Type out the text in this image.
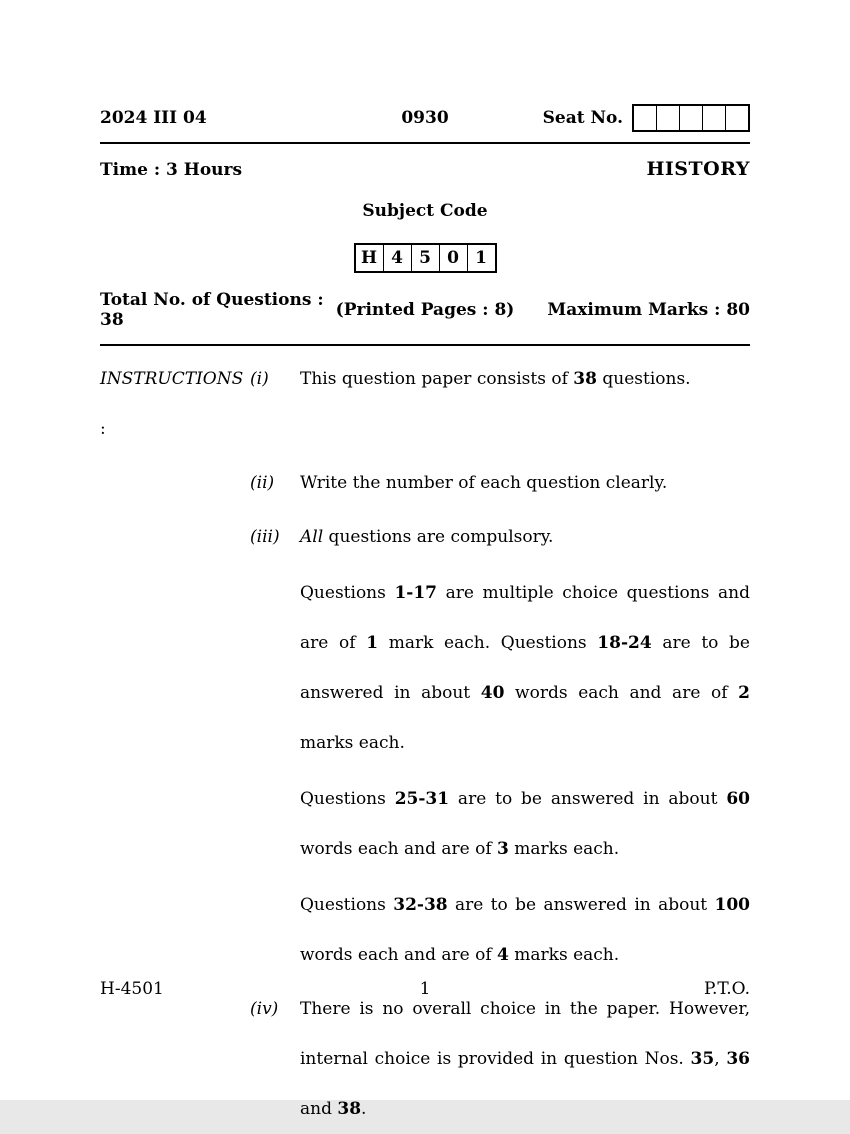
2024 III 04	0930	Seat No.
Time : 3 Hours	HISTORY
Subject Code
H 4 5 0 1
Total No. of Questions : 38	(Printed Pages : 8) Maximum Marks : 80
INSTRUCTIONS :
(i) This question paper consists of 38 questions.
(ii) Write the number of each question clearly.
(iii) All questions are compulsory.
Questions 1-17 are multiple choice questions and are of 1 mark each. Questions 18-24 are to be answered in about 40 words each and are of 2 marks each.
Questions 25-31 are to be answered in about 60 words each and are of 3 marks each.
Questions 32-38 are to be answered in about 100 words each and are of 4 marks each.
(iv) There is no overall choice in the paper. However, internal choice is provided in question Nos. 35, 36 and 38.
H-4501	1	P.T.O.
